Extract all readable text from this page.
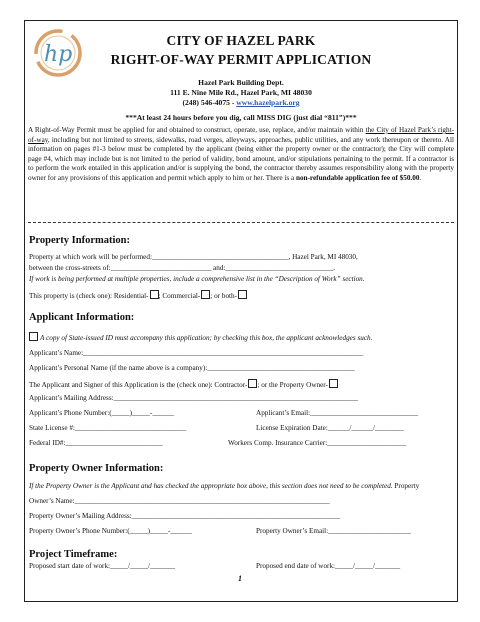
hp
CITY OF HAZEL PARK
RIGHT-OF-WAY PERMIT APPLICATION
Hazel Park Building Dept.
111 E. Nine Mile Rd., Hazel Park, MI 48030
(248) 546-4075 - www.hazelpark.org
***At least 24 hours before you dig, call MISS DIG (just dial “811”)***
A Right-of-Way Permit must be applied for and obtained to construct, operate, use, replace, and/or maintain within the City of Hazel Park’s right-of-way, including but not limited to streets, sidewalks, road verges, alleyways, approaches, public utilities, and any work thereupon or thereto. All information on pages #1-3 below must be completed by the applicant (being either the property owner or the contractor); the City will complete page #4, which may include but is not limited to the period of validity, bond amount, and/or stipulations pertaining to the permit. If a contractor is to perform the work entailed in this application and/or is supplying the bond, the contractor thereby assumes responsibility along with the property owner for any provisions of this application and permit which apply to him or her. There is a non-refundable application fee of $50.00.
Property Information:
Property at which work will be performed:______________________________________, Hazel Park, MI 48030,
between the cross-streets of:____________________________ and:______________________________.
If work is being performed at multiple properties, include a comprehensive list in the “Description of Work” section.
This property is (check one): Residential- ; Commercial- ; or both-
Applicant Information:
A copy of State-issued ID must accompany this application; by checking this box, the applicant acknowledges such.
Applicant’s Name:______________________________________________________________________________
Applicant’s Personal Name (if the name above is a company):_________________________________________
The Applicant and Signer of this Application is the (check one): Contractor- ; or the Property Owner-
Applicant’s Mailing Address:____________________________________________________________________
Applicant’s Phone Number:(_____)_____-______	Applicant’s Email:______________________________
State License #:_______________________________	License Expiration Date:______/______/________
Federal ID#:___________________________	Workers Comp. Insurance Carrier:______________________
Property Owner Information:
If the Property Owner is the Applicant and has checked the appropriate box above, this section does not need to be completed. Property
Owner’s Name:_______________________________________________________________________
Property Owner’s Mailing Address:__________________________________________________________
Property Owner’s Phone Number:(_____)_____-______	Property Owner’s Email:_______________________
Project Timeframe:
Proposed start date of work:_____/_____/_______	Proposed end date of work:_____/_____/_______
1
